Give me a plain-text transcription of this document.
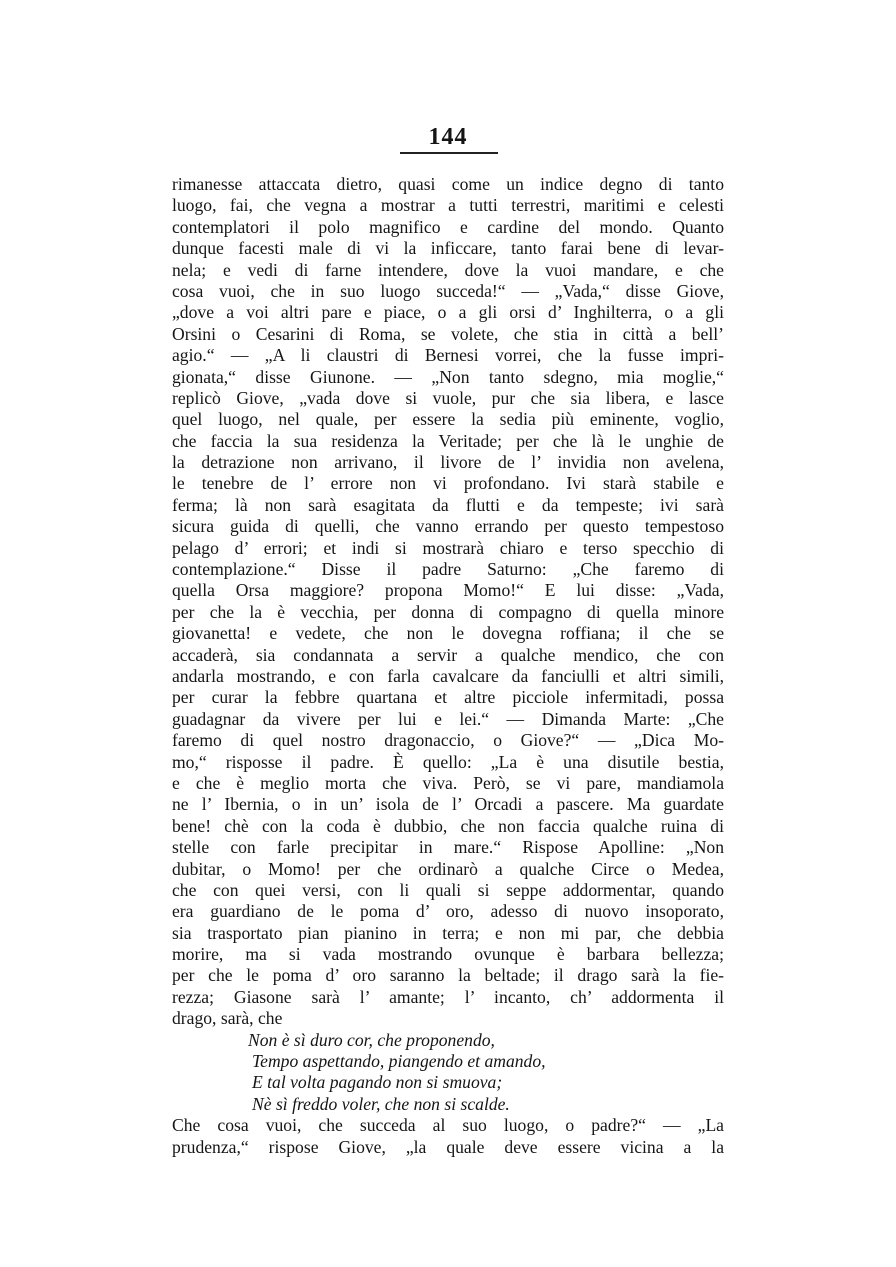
144
rimanesse attaccata dietro, quasi come un indice degno di tanto
luogo, fai, che vegna a mostrar a tutti terrestri, maritimi e celesti
contemplatori il polo magnifico e cardine del mondo. Quanto
dunque facesti male di vi la inficcare, tanto farai bene di levar-
nela; e vedi di farne intendere, dove la vuoi mandare, e che
cosa vuoi, che in suo luogo succeda!“ — „Vada,“ disse Giove,
„dove a voi altri pare e piace, o a gli orsi d’ Inghilterra, o a gli
Orsini o Cesarini di Roma, se volete, che stia in città a bell’
agio.“ — „A li claustri di Bernesi vorrei, che la fusse impri-
gionata,“ disse Giunone. — „Non tanto sdegno, mia moglie,“
replicò Giove, „vada dove si vuole, pur che sia libera, e lasce
quel luogo, nel quale, per essere la sedia più eminente, voglio,
che faccia la sua residenza la Veritade; per che là le unghie de
la detrazione non arrivano, il livore de l’ invidia non avelena,
le tenebre de l’ errore non vi profondano. Ivi starà stabile e
ferma; là non sarà esagitata da flutti e da tempeste; ivi sarà
sicura guida di quelli, che vanno errando per questo tempestoso
pelago d’ errori; et indi si mostrarà chiaro e terso specchio di
contemplazione.“ Disse il padre Saturno: „Che faremo di
quella Orsa maggiore? propona Momo!“ E lui disse: „Vada,
per che la è vecchia, per donna di compagno di quella minore
giovanetta! e vedete, che non le dovegna roffiana; il che se
accaderà, sia condannata a servir a qualche mendico, che con
andarla mostrando, e con farla cavalcare da fanciulli et altri simili,
per curar la febbre quartana et altre picciole infermitadi, possa
guadagnar da vivere per lui e lei.“ — Dimanda Marte: „Che
faremo di quel nostro dragonaccio, o Giove?“ — „Dica Mo-
mo,“ risposse il padre. È quello: „La è una disutile bestia,
e che è meglio morta che viva. Però, se vi pare, mandiamola
ne l’ Ibernia, o in un’ isola de l’ Orcadi a pascere. Ma guardate
bene! chè con la coda è dubbio, che non faccia qualche ruina di
stelle con farle precipitar in mare.“ Rispose Apolline: „Non
dubitar, o Momo! per che ordinarò a qualche Circe o Medea,
che con quei versi, con li quali si seppe addormentar, quando
era guardiano de le poma d’ oro, adesso di nuovo insoporato,
sia trasportato pian pianino in terra; e non mi par, che debbia
morire, ma si vada mostrando ovunque è barbara bellezza;
per che le poma d’ oro saranno la beltade; il drago sarà la fie-
rezza; Giasone sarà l’ amante; l’ incanto, ch’ addormenta il
drago, sarà, che
Non è sì duro cor, che proponendo,
Tempo aspettando, piangendo et amando,
E tal volta pagando non si smuova;
Nè sì freddo voler, che non si scalde.
Che cosa vuoi, che succeda al suo luogo, o padre?“ — „La
prudenza,“ rispose Giove, „la quale deve essere vicina a la
